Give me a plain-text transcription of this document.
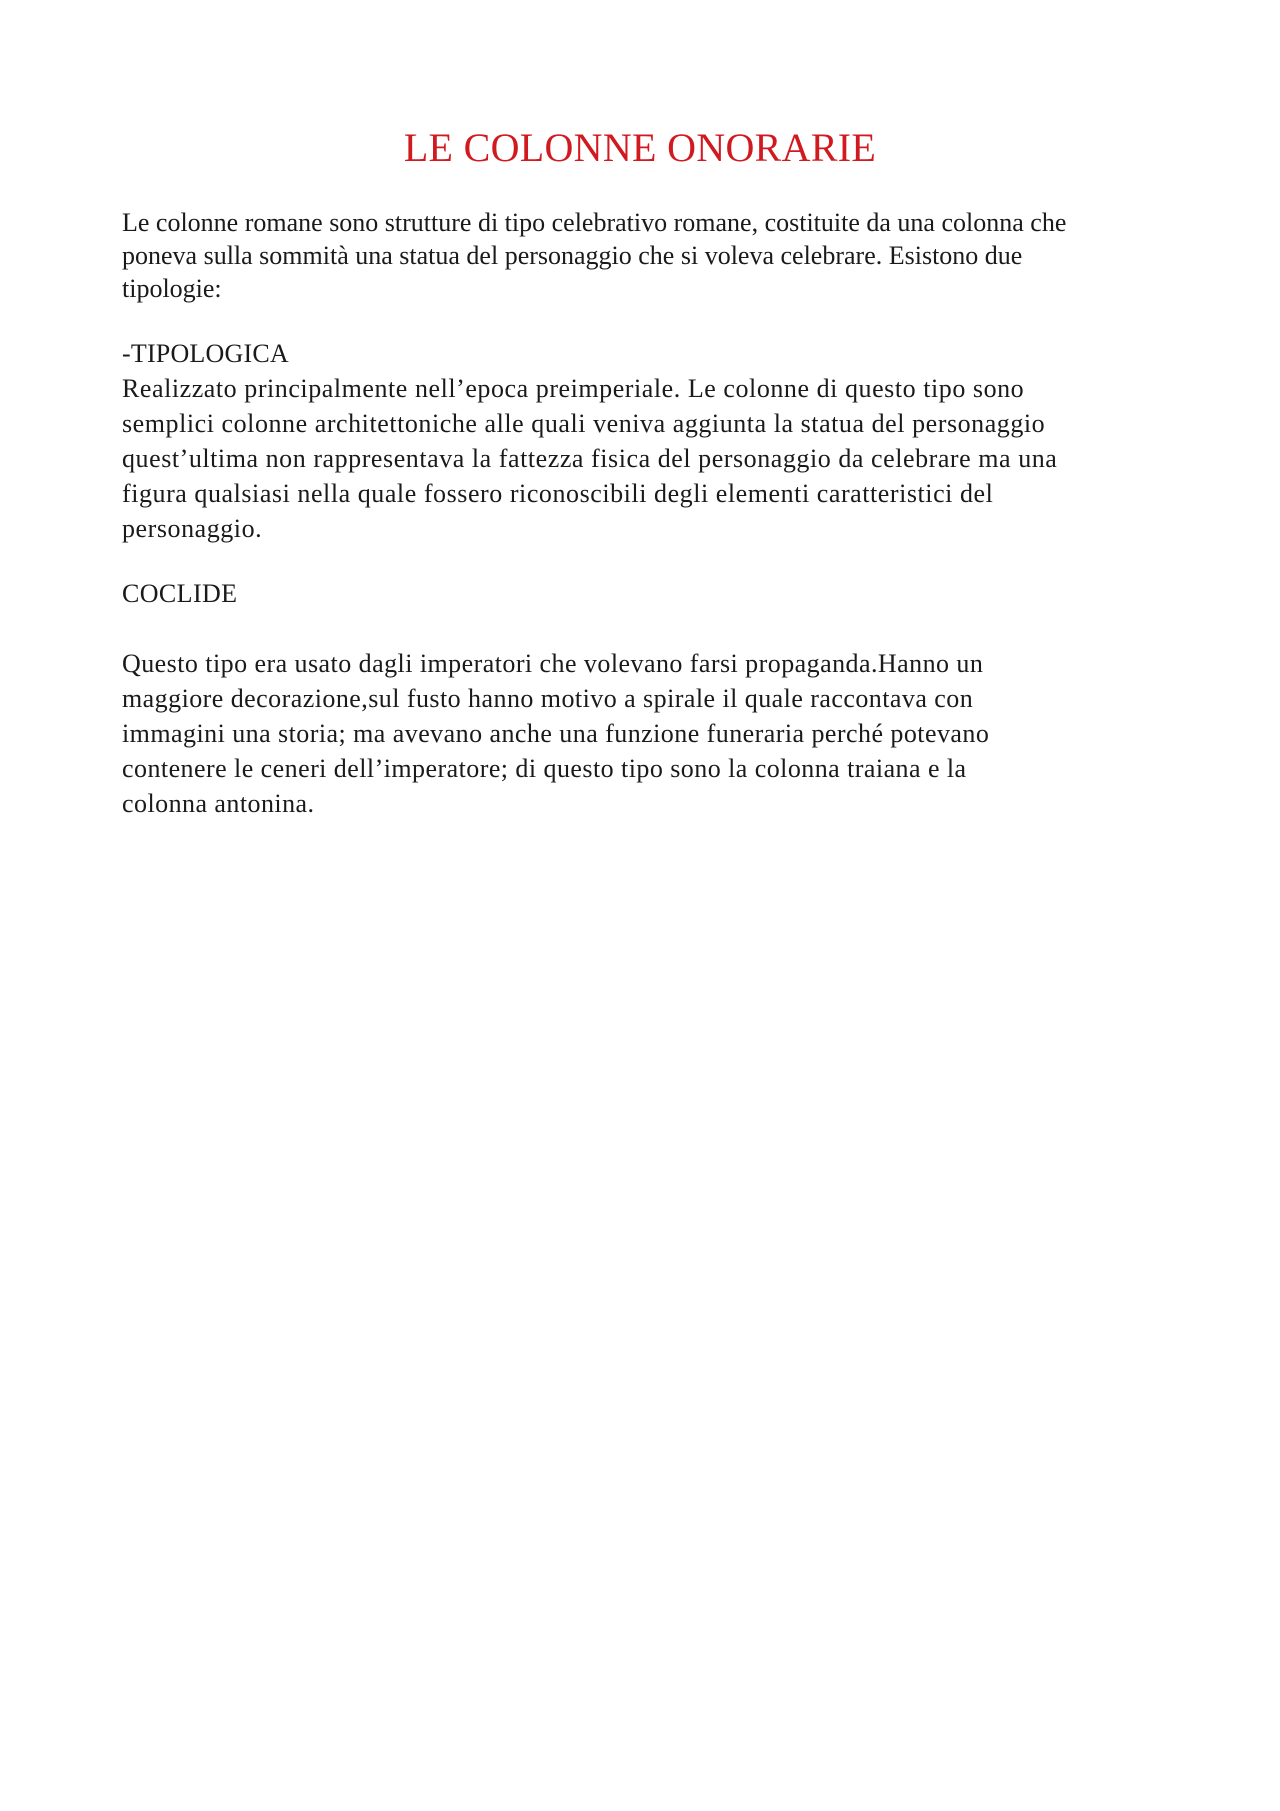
LE COLONNE ONORARIE
Le colonne romane sono strutture di tipo celebrativo romane, costituite da una colonna che
poneva sulla sommità una statua del personaggio che si voleva celebrare. Esistono due
tipologie:
-TIPOLOGICA
Realizzato principalmente nell’epoca preimperiale. Le colonne di questo tipo sono
semplici colonne architettoniche alle quali veniva aggiunta la statua del personaggio
quest’ultima non rappresentava la fattezza fisica del personaggio da celebrare ma una
figura qualsiasi nella quale fossero riconoscibili degli elementi caratteristici del
personaggio.
COCLIDE
Questo tipo era usato dagli imperatori che volevano farsi propaganda.Hanno un
maggiore decorazione,sul fusto hanno motivo a spirale il quale raccontava con
immagini una storia; ma avevano anche una funzione funeraria perché potevano
contenere le ceneri dell’imperatore; di questo tipo sono la colonna traiana e la
colonna antonina.
